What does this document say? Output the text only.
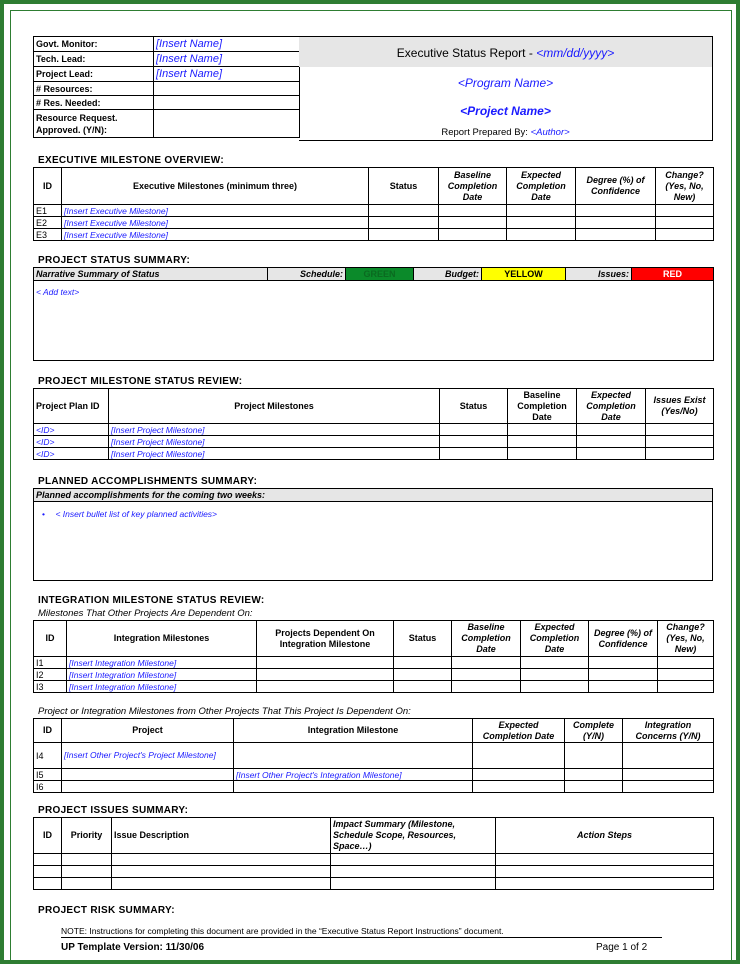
Govt. Monitor:	[Insert Name]
Tech. Lead:	[Insert Name]
Project Lead:	[Insert Name]
# Resources:	
# Res. Needed:	
Resource Request. Approved. (Y/N):	
Executive Status Report - <mm/dd/yyyy>
<Program Name>
<Project Name>
Report Prepared By: <Author>
EXECUTIVE MILESTONE OVERVIEW:
ID	Executive Milestones (minimum three)	Status	Baseline Completion Date	Expected Completion Date	Degree (%) of Confidence	Change? (Yes, No, New)
E1	[Insert Executive Milestone]					
E2	[Insert Executive Milestone]					
E3	[Insert Executive Milestone]					
PROJECT STATUS SUMMARY:
Narrative Summary of Status	Schedule:	GREEN	Budget:	YELLOW	Issues:	RED
< Add text>
PROJECT MILESTONE STATUS REVIEW:
Project Plan ID	Project Milestones	Status	Baseline Completion Date	Expected Completion Date	Issues Exist (Yes/No)
<ID>	[Insert Project Milestone]				
<ID>	[Insert Project Milestone]				
<ID>	[Insert Project Milestone]				
PLANNED ACCOMPLISHMENTS SUMMARY:
Planned accomplishments for the coming two weeks:
• < Insert bullet list of key planned activities>
INTEGRATION MILESTONE STATUS REVIEW:
Milestones That Other Projects Are Dependent On:
ID	Integration Milestones	Projects Dependent On Integration Milestone	Status	Baseline Completion Date	Expected Completion Date	Degree (%) of Confidence	Change? (Yes, No, New)
I1	[Insert Integration Milestone]						
I2	[Insert Integration Milestone]						
I3	[Insert Integration Milestone]						
Project or Integration Milestones from Other Projects That This Project Is Dependent On:
ID	Project	Integration Milestone	Expected Completion Date	Complete (Y/N)	Integration Concerns (Y/N)
I4	[Insert Other Project's Project Milestone]				
I5		[Insert Other Project's Integration Milestone]			
I6					
PROJECT ISSUES SUMMARY:
ID	Priority	Issue Description	Impact Summary (Milestone, Schedule Scope, Resources, Space…)	Action Steps

PROJECT RISK SUMMARY:
NOTE: Instructions for completing this document are provided in the “Executive Status Report Instructions” document.
UP Template Version: 11/30/06	Page 1 of 2
